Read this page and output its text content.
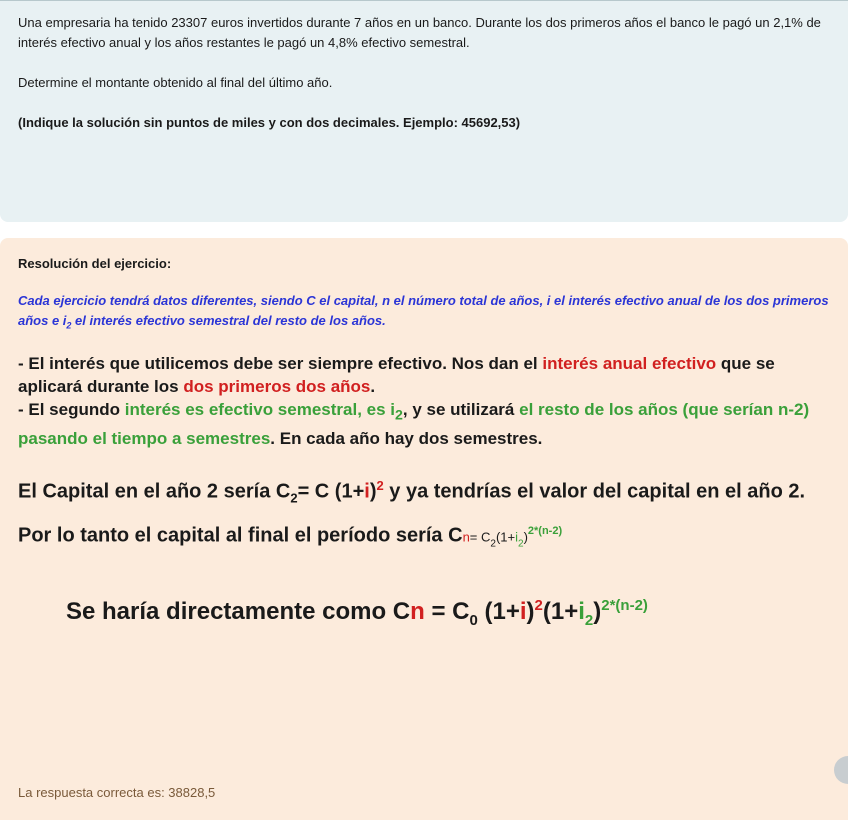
Una empresaria ha tenido 23307 euros invertidos durante 7 años en un banco. Durante los dos primeros años el banco le pagó un 2,1% de interés efectivo anual y los años restantes le pagó un 4,8% efectivo semestral.

Determine el montante obtenido al final del último año.

(Indique la solución sin puntos de miles y con dos decimales. Ejemplo: 45692,53)

Resolución del ejercicio:

Cada ejercicio tendrá datos diferentes, siendo C el capital, n el número total de años, i el interés efectivo anual de los dos primeros años e $i_2$ el interés efectivo semestral del resto de los años.

- El interés que utilicemos debe ser siempre efectivo. Nos dan el interés anual efectivo que se aplicará durante los dos primeros dos años.

- El segundo interés es efectivo semestral, es $i_2$, y se utilizará el resto de los años (que serían n-2) pasando el tiempo a semestres. En cada año hay dos semestres.

El Capital en el año 2 sería $C_2= C$ $(1+i)^2$ y ya tendrías el valor del capital en el año 2.

Por lo tanto el capital al final el período sería $Cn= C_2(1+i_2)^{2*(n-2)}$

Se haría directamente como $Cn = C_0$ $(1+i)^2(1+i_2)^{2*(n-2)}$

La respuesta correcta es: 38828,5
